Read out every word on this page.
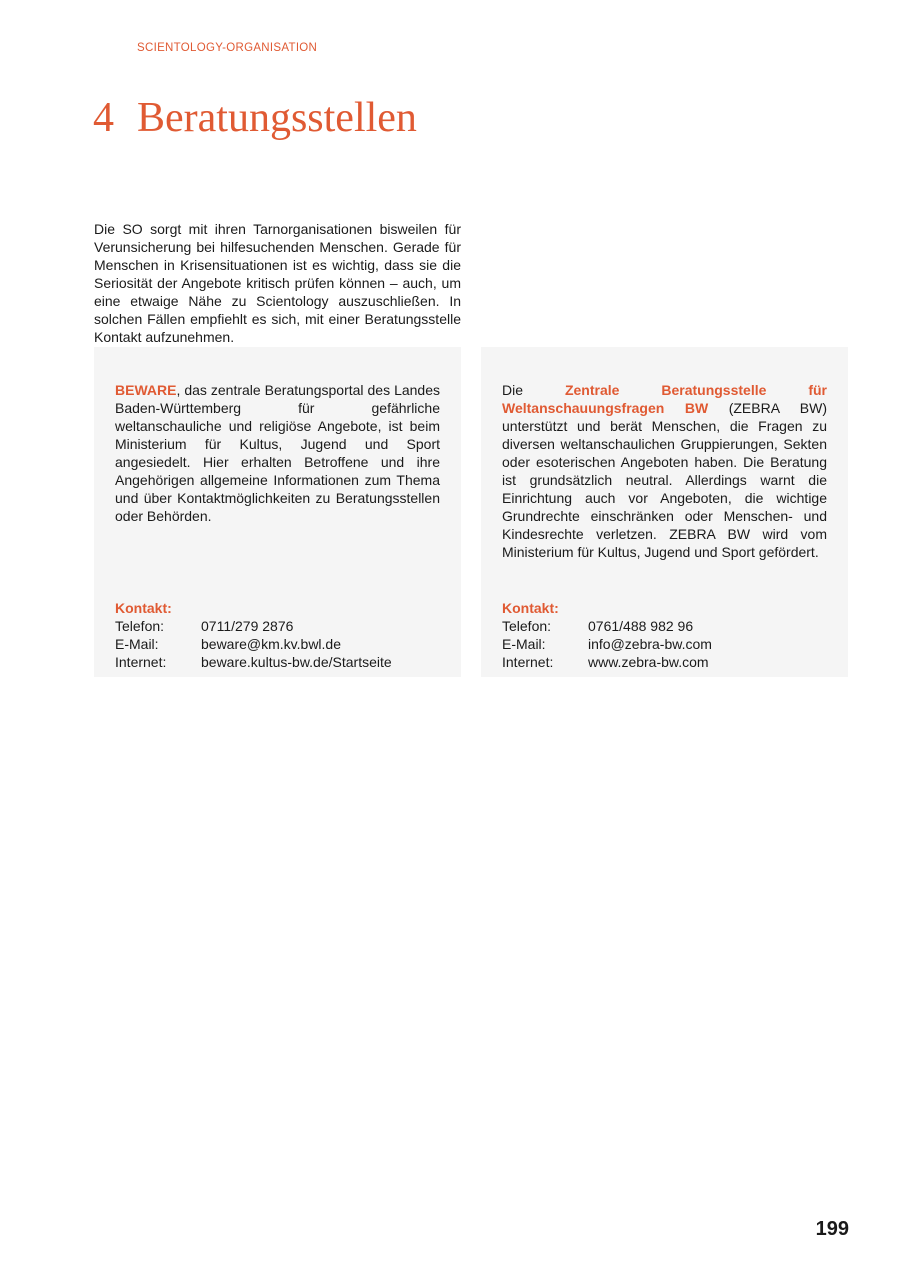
SCIENTOLOGY-ORGANISATION
4 Beratungsstellen

Die SO sorgt mit ihren Tarnorganisationen bisweilen für Verunsicherung bei hilfesuchenden Menschen. Gerade für Menschen in Krisensituationen ist es wichtig, dass sie die Seriosität der Angebote kritisch prüfen können – auch, um eine etwaige Nähe zu Scientology auszuschließen. In solchen Fällen empfiehlt es sich, mit einer Beratungsstelle Kontakt aufzunehmen.

BEWARE, das zentrale Beratungsportal des Landes Baden-Württemberg für gefährliche weltanschauliche und religiöse Angebote, ist beim Ministerium für Kultus, Jugend und Sport angesiedelt. Hier erhalten Betroffene und ihre Angehörigen allgemeine Informationen zum Thema und über Kontaktmöglichkeiten zu Beratungsstellen oder Behörden.

Kontakt:
Telefon:	0711/279 2876
E-Mail:	beware@km.kv.bwl.de
Internet:	beware.kultus-bw.de/Startseite

Die Zentrale Beratungsstelle für Weltanschauungsfragen BW (ZEBRA BW) unterstützt und berät Menschen, die Fragen zu diversen weltanschaulichen Gruppierungen, Sekten oder esoterischen Angeboten haben. Die Beratung ist grundsätzlich neutral. Allerdings warnt die Einrichtung auch vor Angeboten, die wichtige Grundrechte einschränken oder Menschen- und Kindesrechte verletzen. ZEBRA BW wird vom Ministerium für Kultus, Jugend und Sport gefördert.

Kontakt:
Telefon:	0761/488 982 96
E-Mail:	info@zebra-bw.com
Internet:	www.zebra-bw.com
199
